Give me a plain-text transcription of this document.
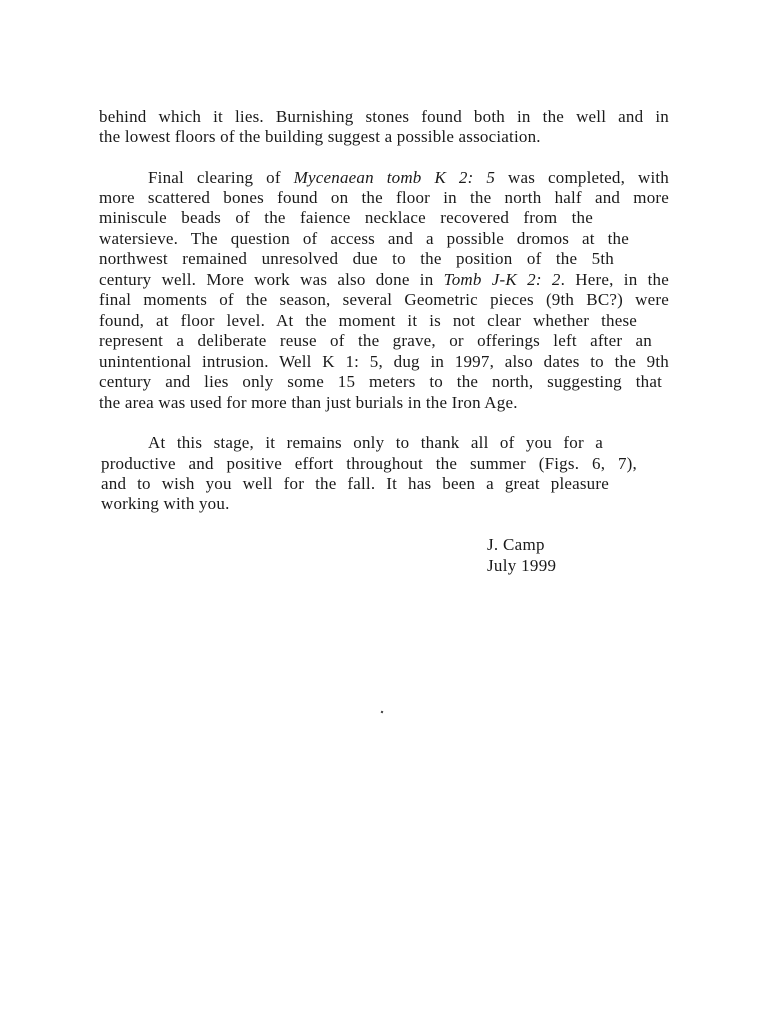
behind which it lies. Burnishing stones found both in the well and in

the lowest floors of the building suggest a possible association.

Final clearing of Mycenaean tomb K 2: 5 was completed, with

more scattered bones found on the floor in the north half and more

miniscule beads of the faience necklace recovered from the

watersieve. The question of access and a possible dromos at the

northwest remained unresolved due to the position of the 5th

century well. More work was also done in Tomb J-K 2: 2. Here, in the

final moments of the season, several Geometric pieces (9th BC?) were

found, at floor level. At the moment it is not clear whether these

represent a deliberate reuse of the grave, or offerings left after an

unintentional intrusion. Well K 1: 5, dug in 1997, also dates to the 9th

century and lies only some 15 meters to the north, suggesting that

the area was used for more than just burials in the Iron Age.

At this stage, it remains only to thank all of you for a

productive and positive effort throughout the summer (Figs. 6, 7),

and to wish you well for the fall. It has been a great pleasure

working with you.

J. Camp

July 1999
